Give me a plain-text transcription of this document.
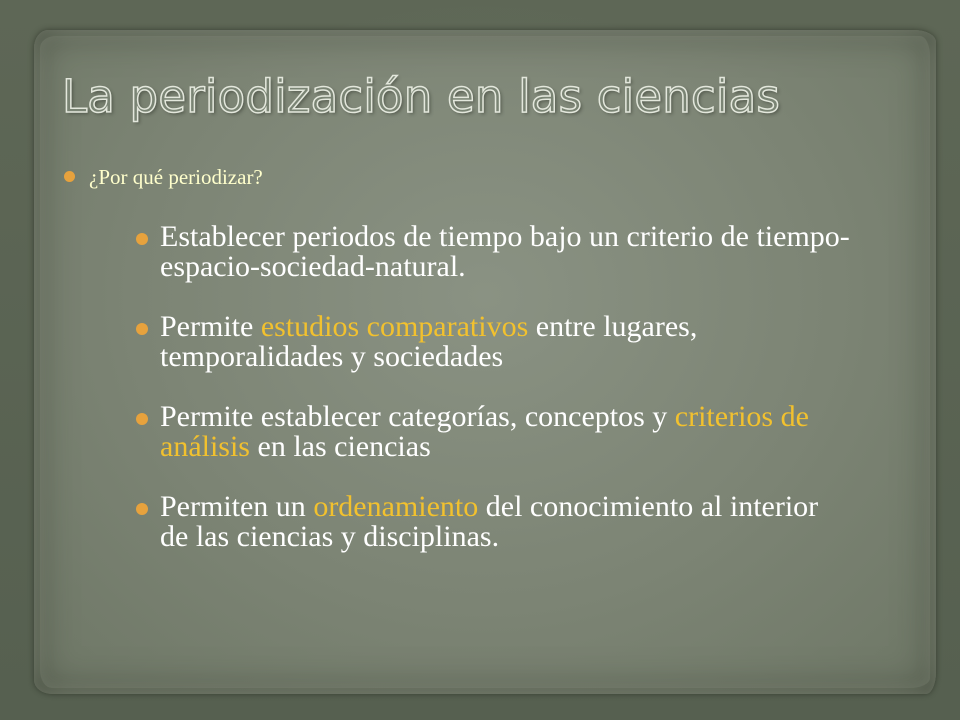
La periodización en las ciencias
¿Por qué periodizar?
Establecer periodos de tiempo bajo un criterio de tiempo-espacio-sociedad-natural.
Permite estudios comparativos entre lugares, temporalidades y sociedades
Permite establecer categorías, conceptos y criterios de análisis en las ciencias
Permiten un ordenamiento del conocimiento al interior de las ciencias y disciplinas.
